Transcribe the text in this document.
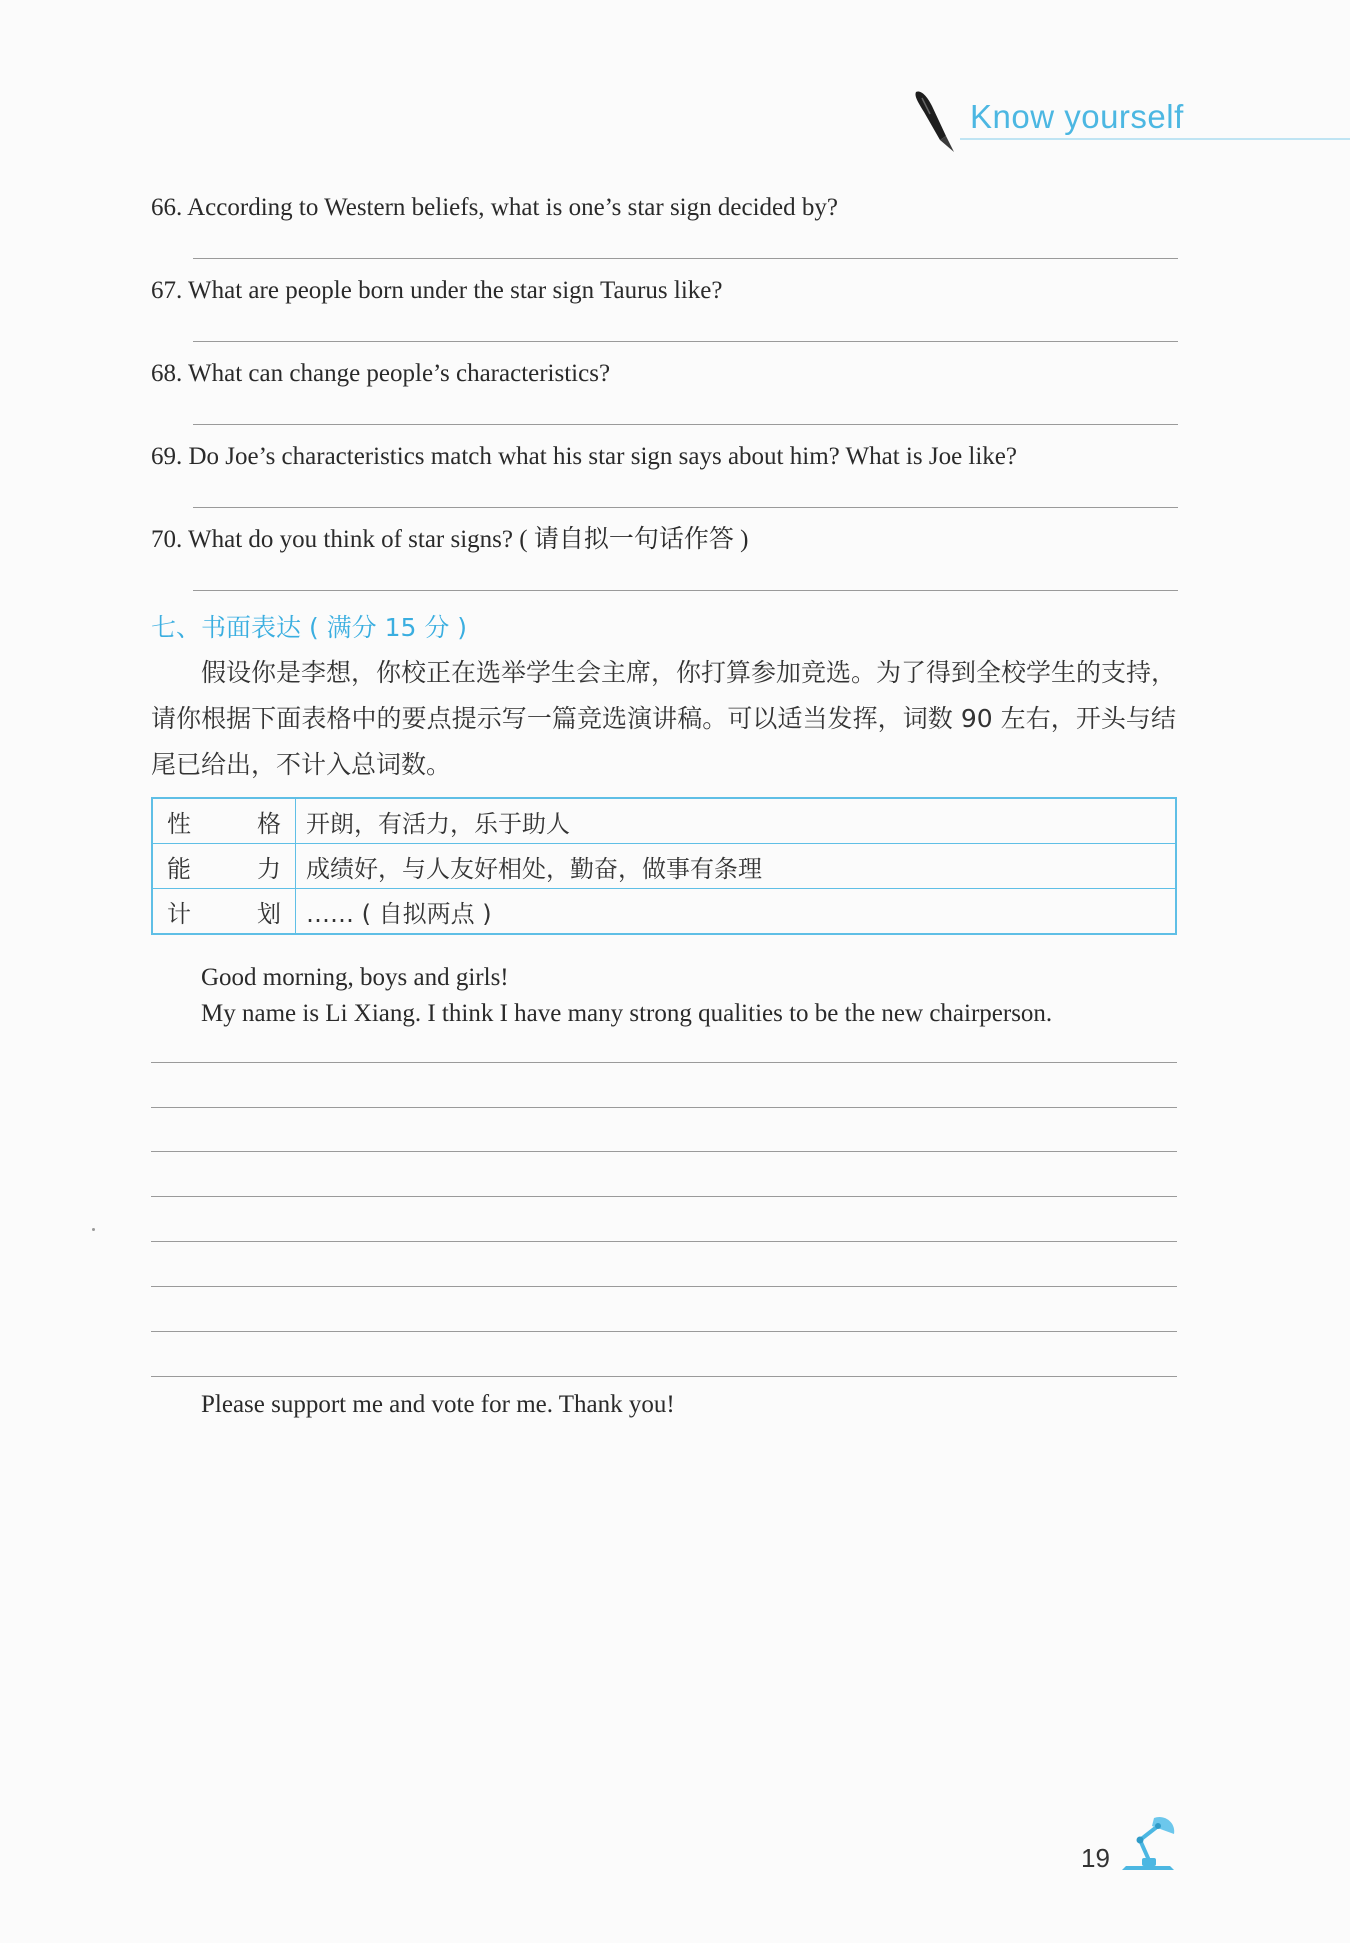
Know yourself
66. According to Western beliefs, what is one’s star sign decided by?
67. What are people born under the star sign Taurus like?
68. What can change people’s characteristics?
69. Do Joe’s characteristics match what his star sign says about him? What is Joe like?
70. What do you think of star signs? ( 请自拟一句话作答 )
七、书面表达 ( 满分 15 分 )
假设你是李想，你校正在选举学生会主席，你打算参加竞选。为了得到全校学生的支持，请你根据下面表格中的要点提示写一篇竞选演讲稿。可以适当发挥，词数 90 左右，开头与结尾已给出，不计入总词数。
性 格	开朗，有活力，乐于助人

能 力	成绩好，与人友好相处，勤奋，做事有条理

计 划	…… ( 自拟两点 )
Good morning, boys and girls!
My name is Li Xiang. I think I have many strong qualities to be the new chairperson.
Please support me and vote for me. Thank you!
19
